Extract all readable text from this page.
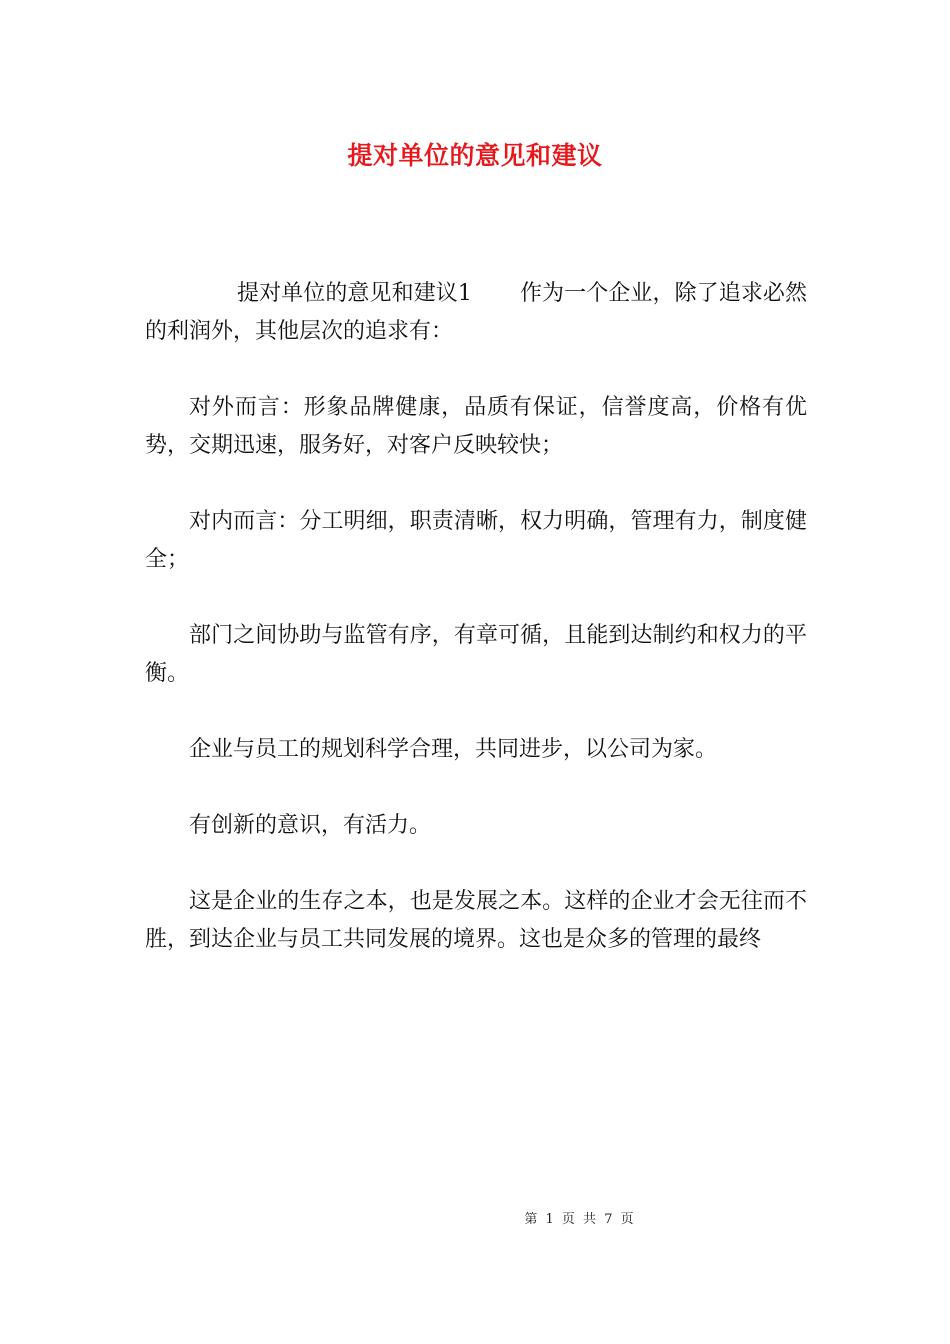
提对单位的意见和建议

提对单位的意见和建议1 作为一个企业，除了追求必然的利润外，其他层次的追求有：

对外而言：形象品牌健康，品质有保证，信誉度高，价格有优势，交期迅速，服务好，对客户反映较快；

对内而言：分工明细，职责清晰，权力明确，管理有力，制度健全；

部门之间协助与监管有序，有章可循，且能到达制约和权力的平衡。

企业与员工的规划科学合理，共同进步，以公司为家。

有创新的意识，有活力。

这是企业的生存之本，也是发展之本。这样的企业才会无往而不胜，到达企业与员工共同发展的境界。这也是众多的管理的最终

第 1 页 共 7 页
